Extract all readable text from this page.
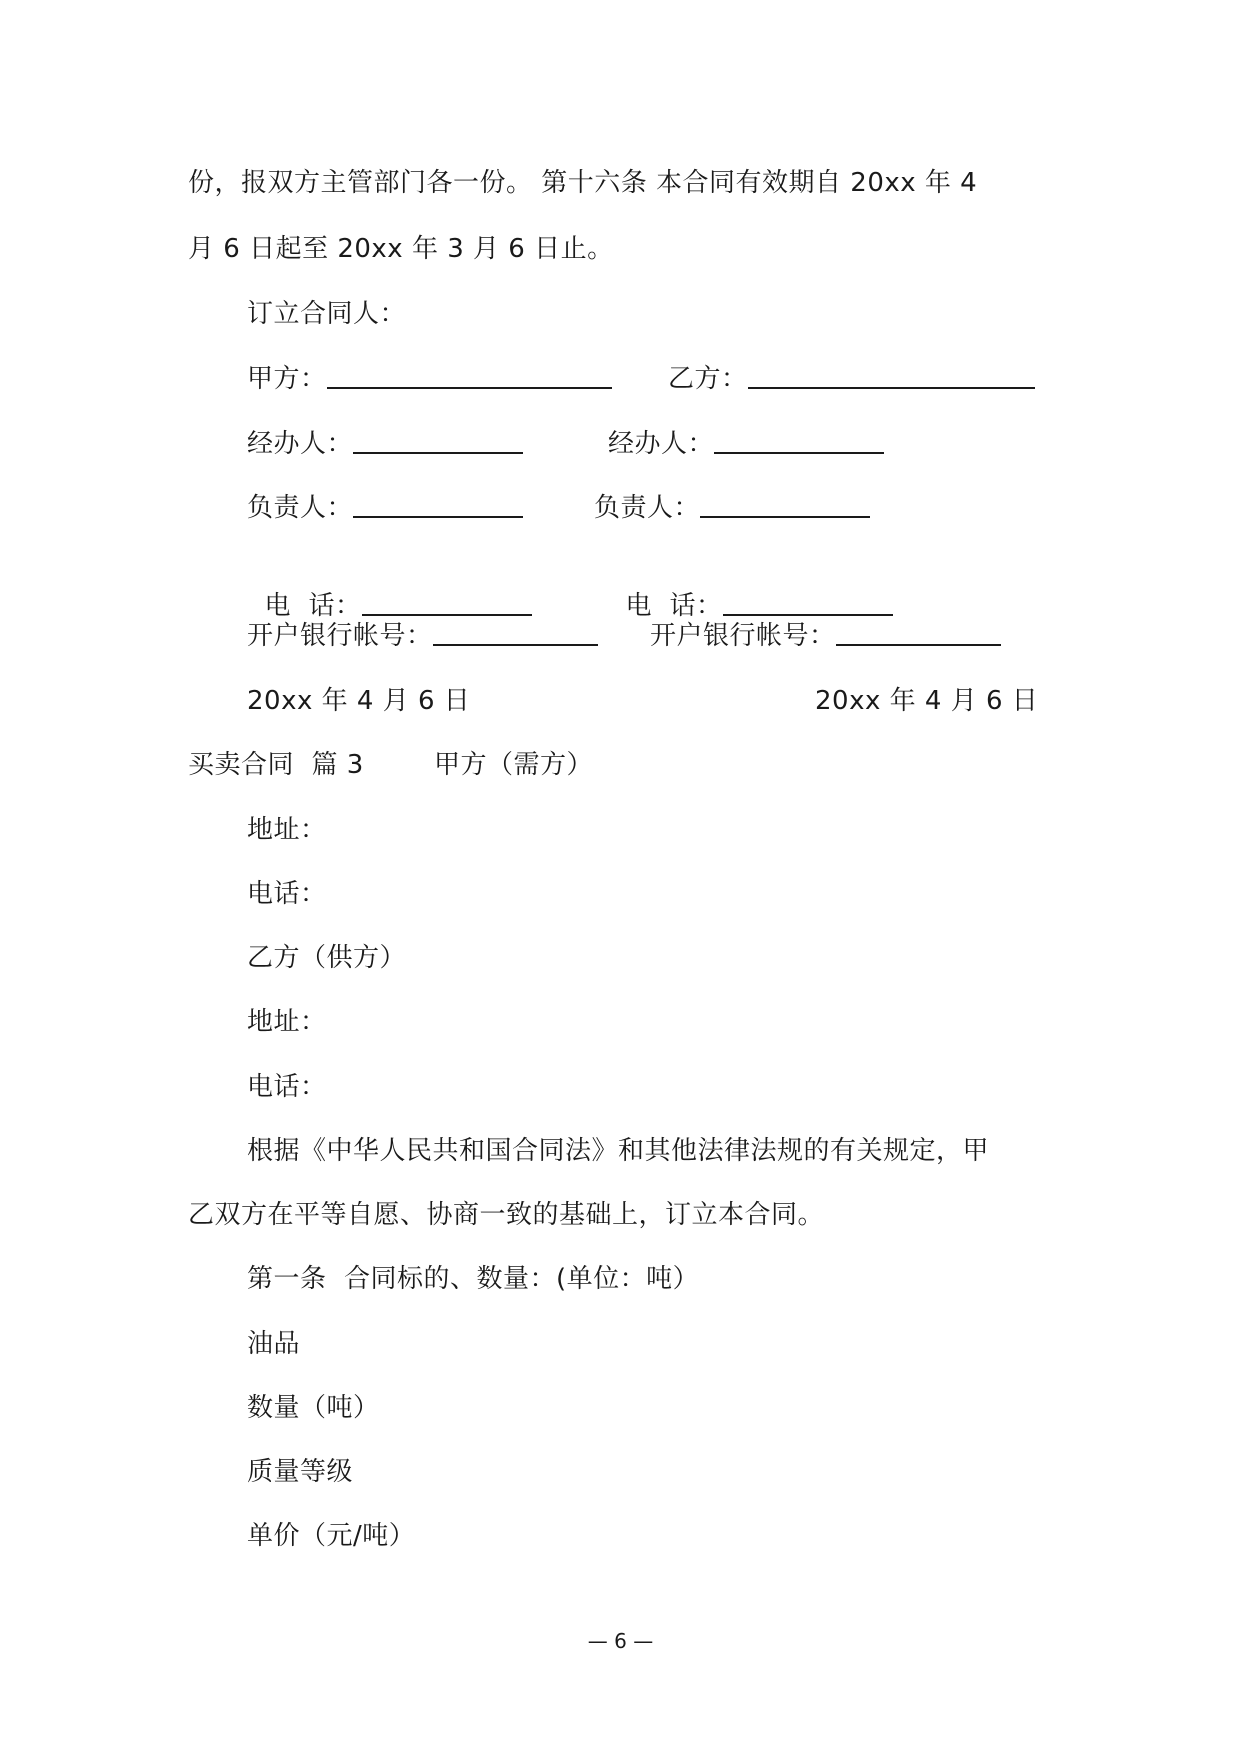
份，报双方主管部门各一份。 第十六条 本合同有效期自 20xx 年 4
月 6 日起至 20xx 年 3 月 6 日止。
订立合同人：
甲方：	乙方：
经办人：	经办人：
负责人：	负责人：

电  话：	电  话：

开户银行帐号：	开户银行帐号：
20xx 年 4 月 6 日	20xx 年 4 月 6 日
买卖合同  篇 3        甲方（需方）
地址：
电话：
乙方（供方）
地址：
电话：
根据《中华人民共和国合同法》和其他法律法规的有关规定，甲
乙双方在平等自愿、协商一致的基础上，订立本合同。
第一条  合同标的、数量：(单位：吨）
油品
数量（吨）
质量等级
单价（元/吨）
— 6 —
